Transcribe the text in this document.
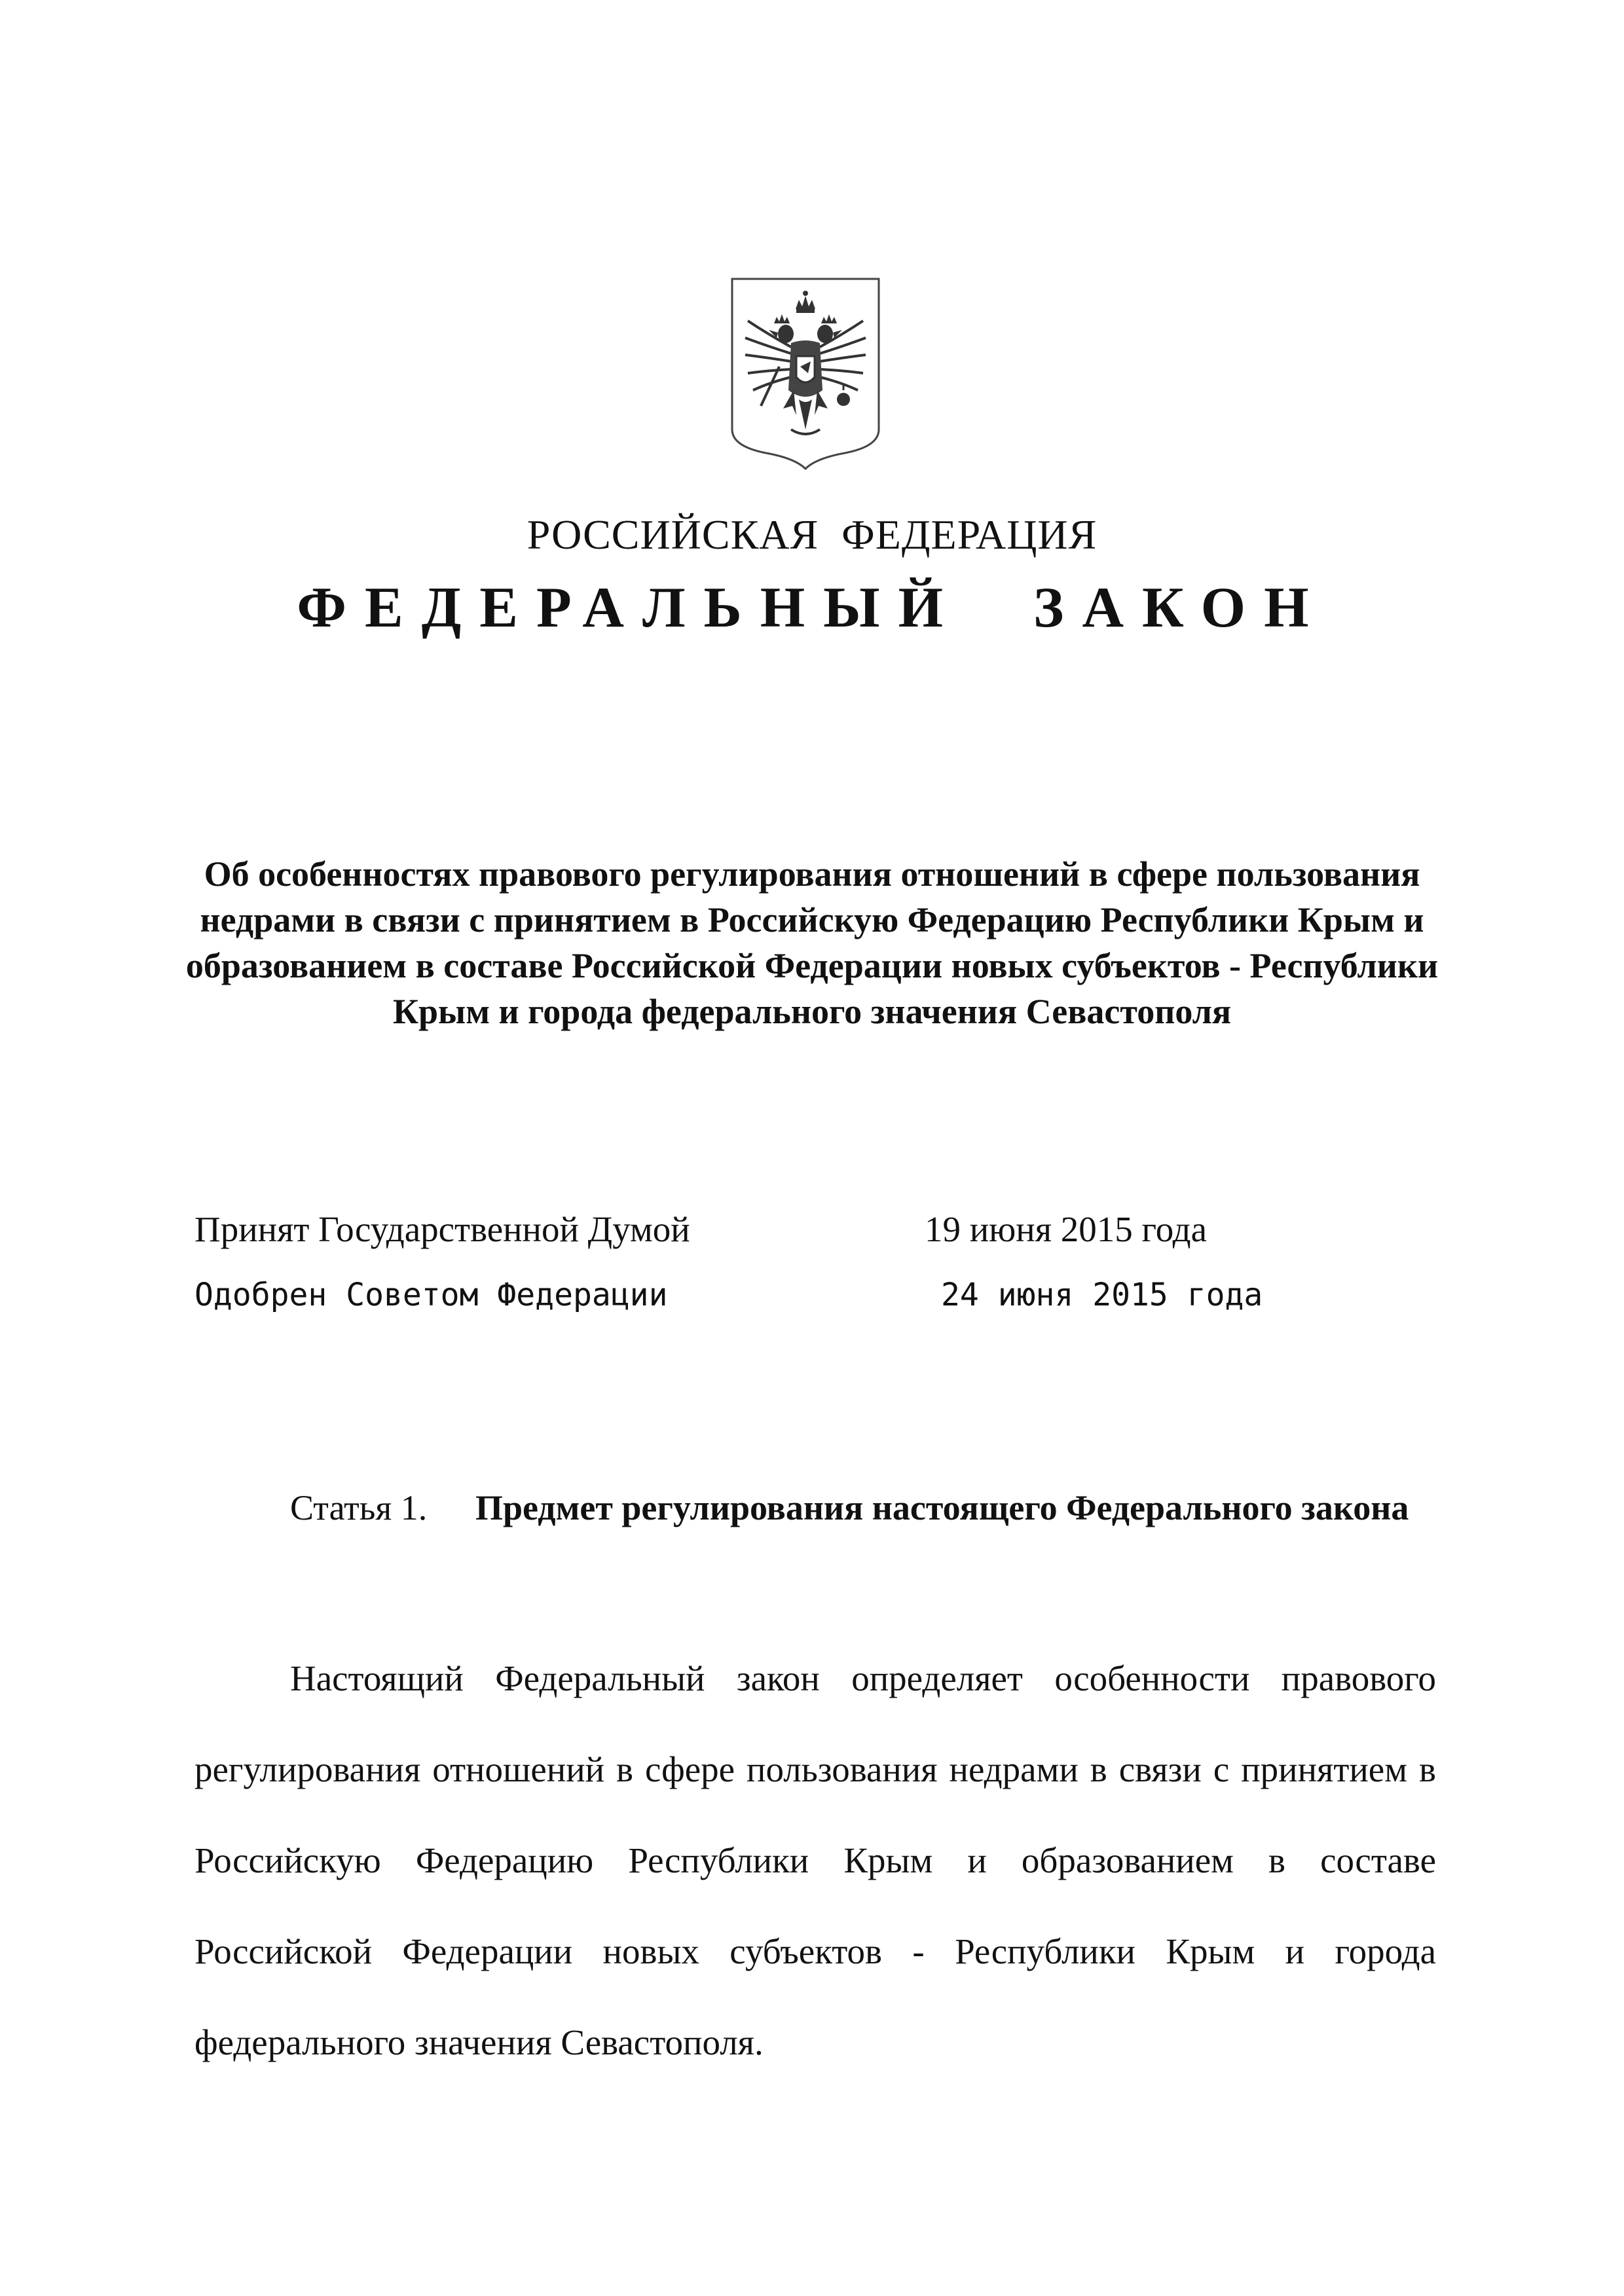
РОССИЙСКАЯ ФЕДЕРАЦИЯ
ФЕДЕРАЛЬНЫЙ ЗАКОН
Об особенностях правового регулирования отношений в сфере пользования недрами в связи с принятием в Российскую Федерацию Республики Крым и образованием в составе Российской Федерации новых субъектов - Республики Крым и города федерального значения Севастополя
Принят Государственной Думой	19 июня 2015 года
Одобрен Советом Федерации	24 июня 2015 года
Статья 1. Предмет регулирования настоящего Федерального закона
Настоящий Федеральный закон определяет особенности правового регулирования отношений в сфере пользования недрами в связи с принятием в Российскую Федерацию Республики Крым и образованием в составе Российской Федерации новых субъектов - Республики Крым и города федерального значения Севастополя.
